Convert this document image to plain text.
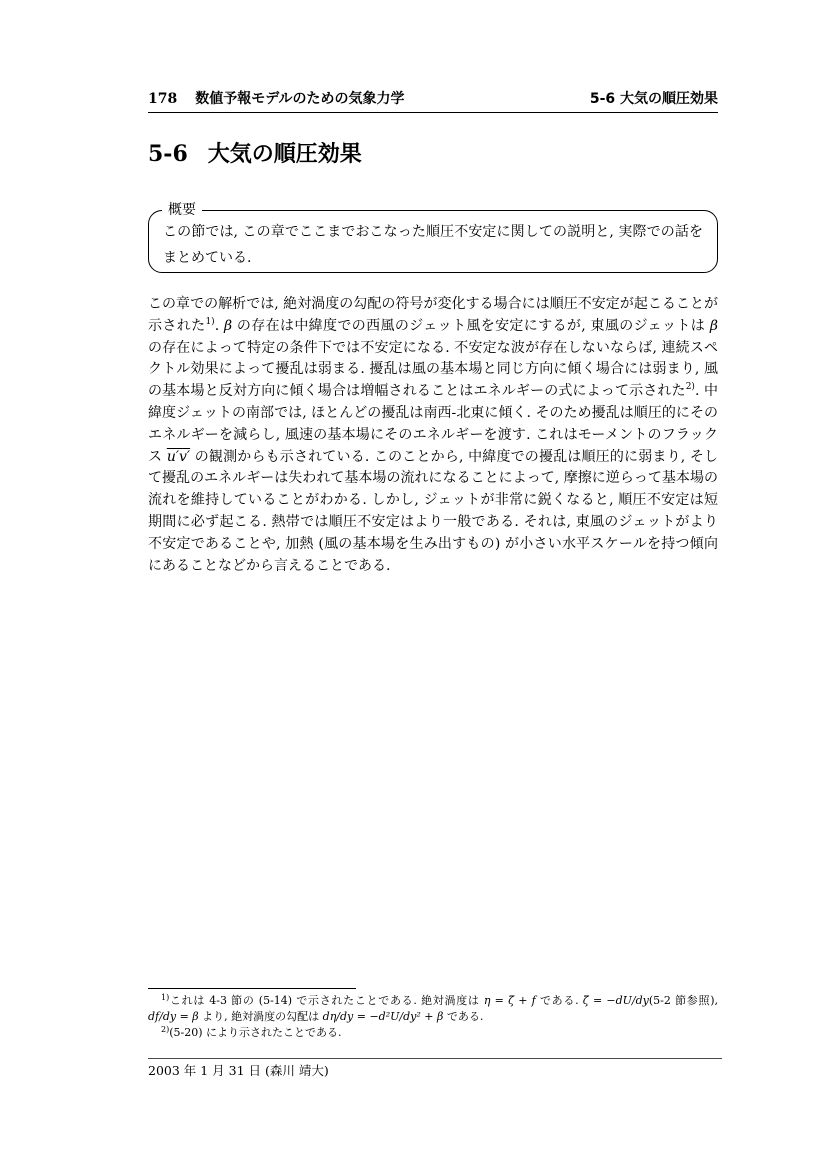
178 数値予報モデルのための気象力学	5-6 大気の順圧効果
5-6 大気の順圧効果
概要

この節では, この章でここまでおこなった順圧不安定に関しての説明と, 実際での話をまとめている.

この章での解析では, 絶対渦度の勾配の符号が変化する場合には順圧不安定が起こることが示された$^{1)}$. β の存在は中緯度での西風のジェット風を安定にするが, 東風のジェットは β の存在によって特定の条件下では不安定になる. 不安定な波が存在しないならば, 連続スペクトル効果によって擾乱は弱まる. 擾乱は風の基本場と同じ方向に傾く場合には弱まり, 風の基本場と反対方向に傾く場合は増幅されることはエネルギーの式によって示された$^{2)}$. 中緯度ジェットの南部では, ほとんどの擾乱は南西-北東に傾く. そのため擾乱は順圧的にそのエネルギーを減らし, 風速の基本場にそのエネルギーを渡す. これはモーメントのフラックス u′v′ の観測からも示されている. このことから, 中緯度での擾乱は順圧的に弱まり, そして擾乱のエネルギーは失われて基本場の流れになることによって, 摩擦に逆らって基本場の流れを維持していることがわかる. しかし, ジェットが非常に鋭くなると, 順圧不安定は短期間に必ず起こる. 熱帯では順圧不安定はより一般である. それは, 東風のジェットがより不安定であることや, 加熱 (風の基本場を生み出すもの) が小さい水平スケールを持つ傾向にあることなどから言えることである.

$^{1)}$これは 4-3 節の (5-14) で示されたことである. 絶対渦度は η = ζ̄ + f である. ζ̄ = −dU/dy(5-2 節参照), df/dy = β より, 絶対渦度の勾配は dη/dy = −d²U/dy² + β である.

$^{2)}$(5-20) により示されたことである.

2003 年 1 月 31 日 (森川 靖大)
